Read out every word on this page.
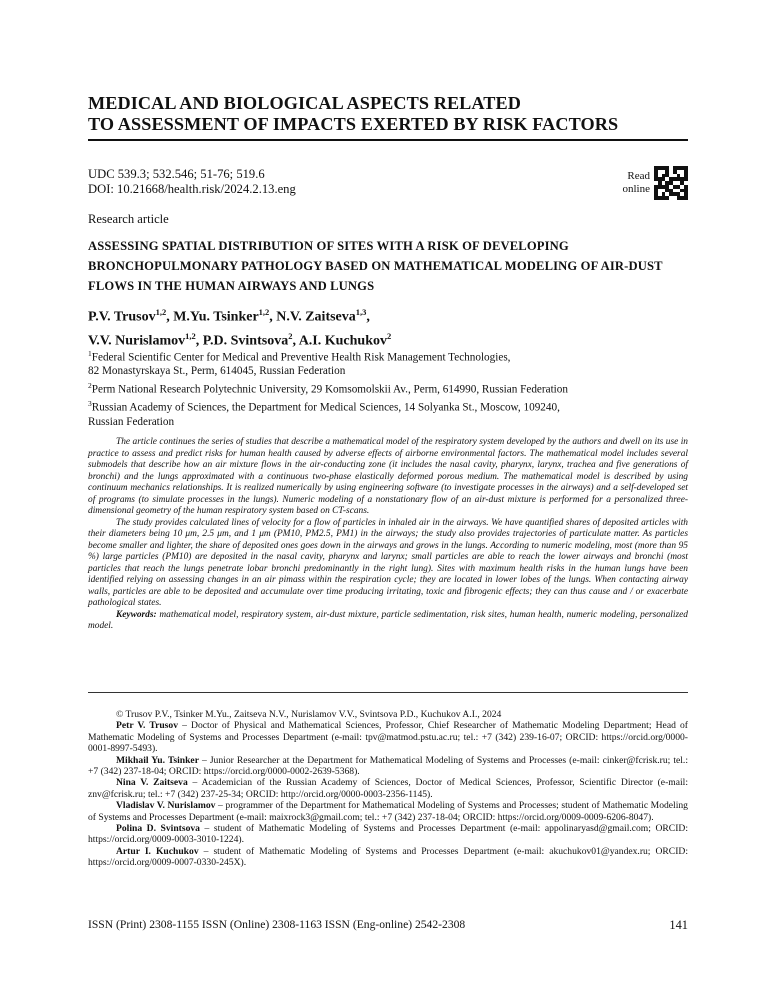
MEDICAL AND BIOLOGICAL ASPECTS RELATED
TO ASSESSMENT OF IMPACTS EXERTED BY RISK FACTORS
UDC 539.3; 532.546; 51-76; 519.6
DOI: 10.21668/health.risk/2024.2.13.eng
Read
online
Research article
ASSESSING SPATIAL DISTRIBUTION OF SITES WITH A RISK OF DEVELOPING BRONCHOPULMONARY PATHOLOGY BASED ON MATHEMATICAL MODELING OF AIR-DUST FLOWS IN THE HUMAN AIRWAYS AND LUNGS
P.V. Trusov$^{1,2}$, M.Yu. Tsinker$^{1,2}$, N.V. Zaitseva$^{1,3}$,
V.V. Nurislamov$^{1,2}$, P.D. Svintsova$^2$, A.I. Kuchukov$^2$
$^1$Federal Scientific Center for Medical and Preventive Health Risk Management Technologies,
82 Monastyrskaya St., Perm, 614045, Russian Federation
$^2$Perm National Research Polytechnic University, 29 Komsomolskii Av., Perm, 614990, Russian Federation
$^3$Russian Academy of Sciences, the Department for Medical Sciences, 14 Solyanka St., Moscow, 109240,
Russian Federation

The article continues the series of studies that describe a mathematical model of the respiratory system developed by the authors and dwell on its use in practice to assess and predict risks for human health caused by adverse effects of airborne environmental factors. The mathematical model includes several submodels that describe how an air mixture flows in the air-conducting zone (it includes the nasal cavity, pharynx, larynx, trachea and five generations of bronchi) and the lungs approximated with a continuous two-phase elastically deformed porous medium. The mathematical model is described by using continuum mechanics relationships. It is realized numerically by using engineering software (to investigate processes in the airways) and a self-developed set of programs (to simulate processes in the lungs). Numeric modeling of a nonstationary flow of an air-dust mixture is performed for a personalized three-dimensional geometry of the human respiratory system based on CT-scans.

The study provides calculated lines of velocity for a flow of particles in inhaled air in the airways. We have quantified shares of deposited articles with their diameters being 10 μm, 2.5 μm, and 1 μm (PM10, PM2.5, PM1) in the airways; the study also provides trajectories of particulate matter. As particles become smaller and lighter, the share of deposited ones goes down in the airways and grows in the lungs. According to numeric modeling, most (more than 95 %) large particles (PM10) are deposited in the nasal cavity, pharynx and larynx; small particles are able to reach the lower airways and bronchi (most particles that reach the lungs penetrate lobar bronchi predominantly in the right lung). Sites with maximum health risks in the human lungs have been identified relying on assessing changes in an air pimass within the respiration cycle; they are located in lower lobes of the lungs. When contacting airway walls, particles are able to be deposited and accumulate over time producing irritating, toxic and fibrogenic effects; they can thus cause and / or exacerbate pathological states.

Keywords: mathematical model, respiratory system, air-dust mixture, particle sedimentation, risk sites, human health, numeric modeling, personalized model.

© Trusov P.V., Tsinker M.Yu., Zaitseva N.V., Nurislamov V.V., Svintsova P.D., Kuchukov A.I., 2024

Petr V. Trusov – Doctor of Physical and Mathematical Sciences, Professor, Chief Researcher of Mathematic Modeling Department; Head of Mathematic Modeling of Systems and Processes Department (e-mail: tpv@matmod.pstu.ac.ru; tel.: +7 (342) 239-16-07; ORCID: https://orcid.org/0000-0001-8997-5493).

Mikhail Yu. Tsinker – Junior Researcher at the Department for Mathematical Modeling of Systems and Processes (e-mail: cinker@fcrisk.ru; tel.: +7 (342) 237-18-04; ORCID: https://orcid.org/0000-0002-2639-5368).

Nina V. Zaitseva – Academician of the Russian Academy of Sciences, Doctor of Medical Sciences, Professor, Scientific Director (e-mail: znv@fcrisk.ru; tel.: +7 (342) 237-25-34; ORCID: http://orcid.org/0000-0003-2356-1145).

Vladislav V. Nurislamov – programmer of the Department for Mathematical Modeling of Systems and Processes; student of Mathematic Modeling of Systems and Processes Department (e-mail: maixrock3@gmail.com; tel.: +7 (342) 237-18-04; ORCID: https://orcid.org/0009-0009-6206-8047).

Polina D. Svintsova – student of Mathematic Modeling of Systems and Processes Department (e-mail: appolinaryasd@gmail.com; ORCID: https://orcid.org/0009-0003-3010-1224).

Artur I. Kuchukov – student of Mathematic Modeling of Systems and Processes Department (e-mail: akuchukov01@yandex.ru; ORCID: https://orcid.org/0009-0007-0330-245X).

ISSN (Print) 2308-1155 ISSN (Online) 2308-1163 ISSN (Eng-online) 2542-2308	141
